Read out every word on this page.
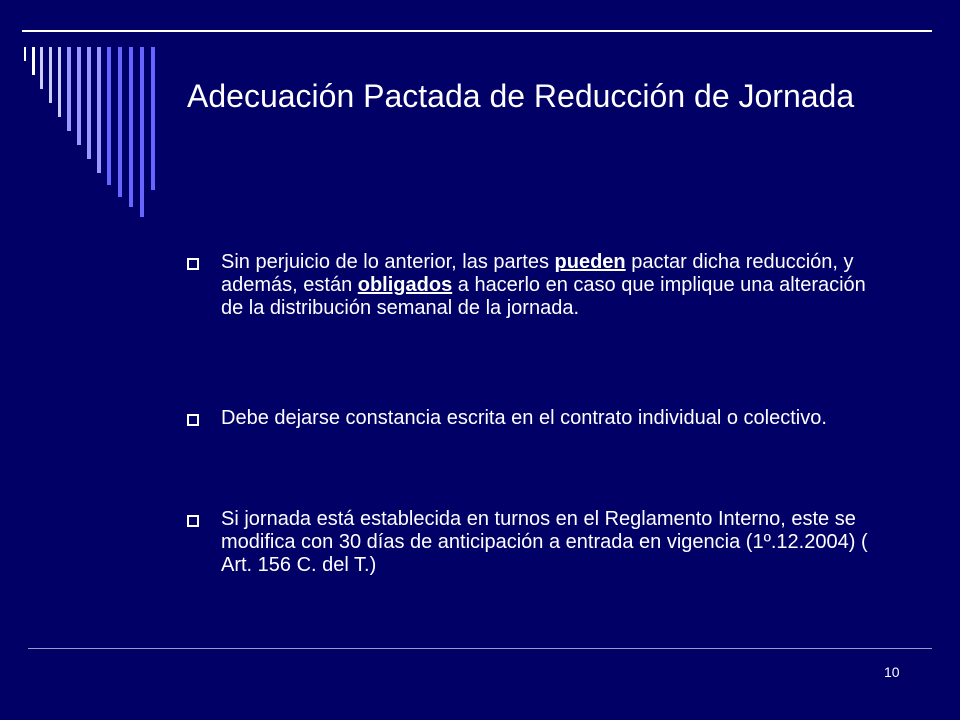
Adecuación Pactada de Reducción de Jornada
Sin perjuicio de lo anterior, las partes pueden pactar dicha reducción, y además, están obligados a hacerlo en caso que implique una alteración de la distribución semanal de la jornada.
Debe dejarse constancia escrita en el contrato individual o colectivo.
Si jornada está establecida en turnos en el Reglamento Interno, este se modifica con 30 días de anticipación a entrada en vigencia (1º.12.2004) ( Art. 156 C. del T.)
10
